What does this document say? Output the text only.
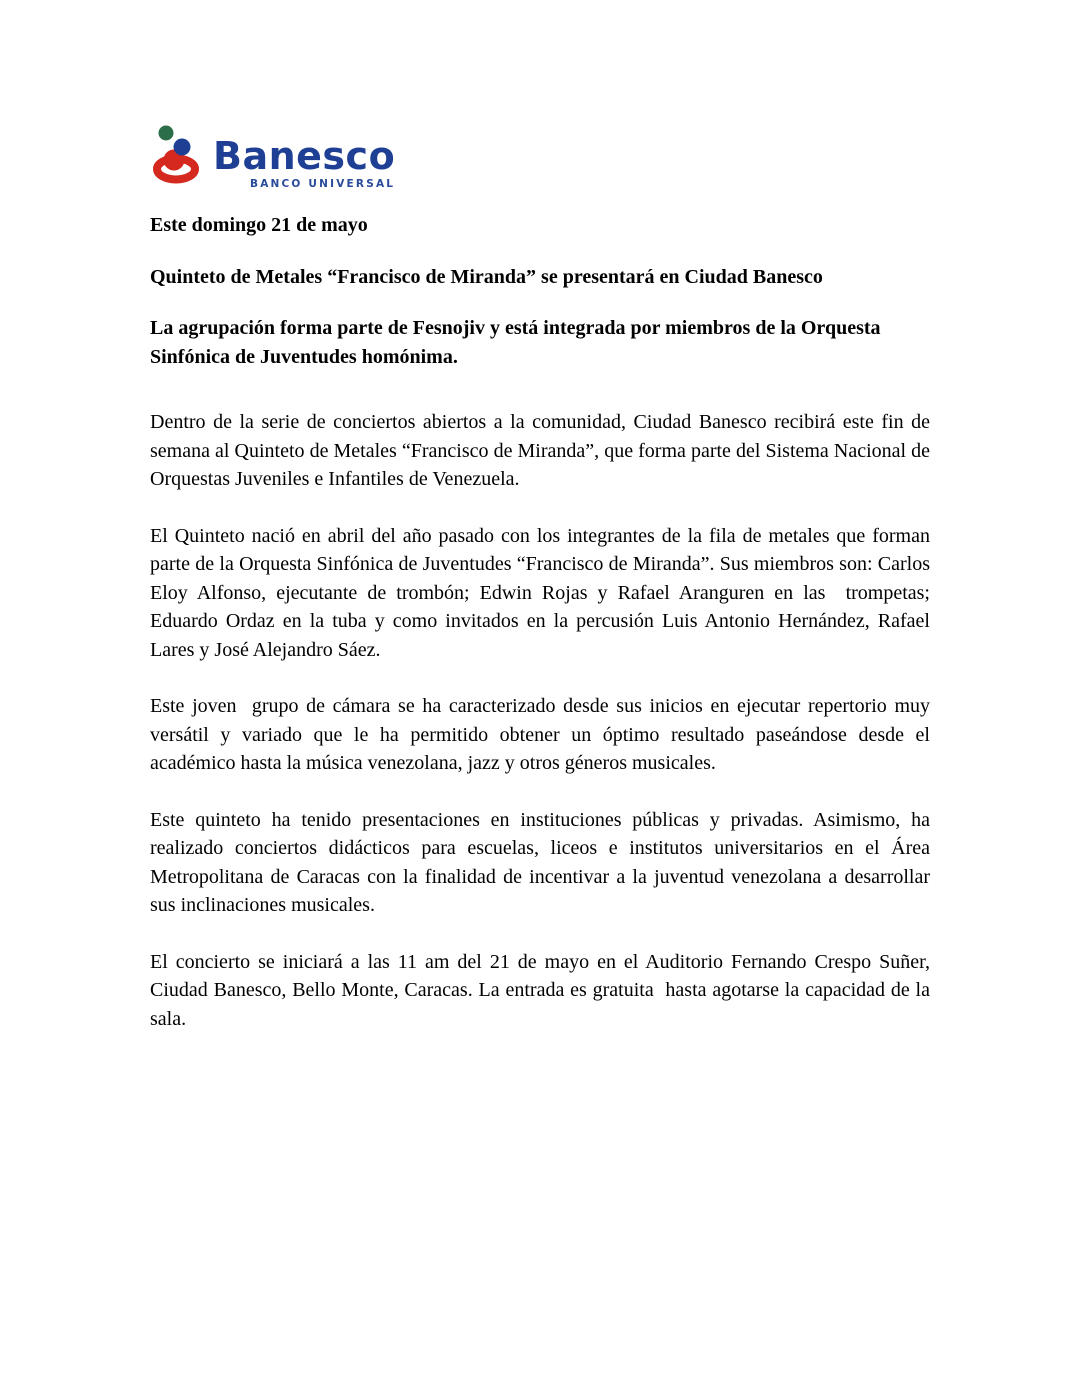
Banesco
BANCO UNIVERSAL

Este domingo 21 de mayo

Quinteto de Metales “Francisco de Miranda” se presentará en Ciudad Banesco

La agrupación forma parte de Fesnojiv y está integrada por miembros de la Orquesta Sinfónica de Juventudes homónima.

Dentro de la serie de conciertos abiertos a la comunidad, Ciudad Banesco recibirá este fin de semana al Quinteto de Metales “Francisco de Miranda”, que forma parte del Sistema Nacional de Orquestas Juveniles e Infantiles de Venezuela.

El Quinteto nació en abril del año pasado con los integrantes de la fila de metales que forman parte de la Orquesta Sinfónica de Juventudes “Francisco de Miranda”. Sus miembros son: Carlos Eloy Alfonso, ejecutante de trombón; Edwin Rojas y Rafael Aranguren en las  trompetas; Eduardo Ordaz en la tuba y como invitados en la percusión Luis Antonio Hernández, Rafael Lares y José Alejandro Sáez.

Este joven  grupo de cámara se ha caracterizado desde sus inicios en ejecutar repertorio muy versátil y variado que le ha permitido obtener un óptimo resultado paseándose desde el académico hasta la música venezolana, jazz y otros géneros musicales.

Este quinteto ha tenido presentaciones en instituciones públicas y privadas. Asimismo, ha realizado conciertos didácticos para escuelas, liceos e institutos universitarios en el Área Metropolitana de Caracas con la finalidad de incentivar a la juventud venezolana a desarrollar sus inclinaciones musicales.

El concierto se iniciará a las 11 am del 21 de mayo en el Auditorio Fernando Crespo Suñer, Ciudad Banesco, Bello Monte, Caracas. La entrada es gratuita  hasta agotarse la capacidad de la sala.
